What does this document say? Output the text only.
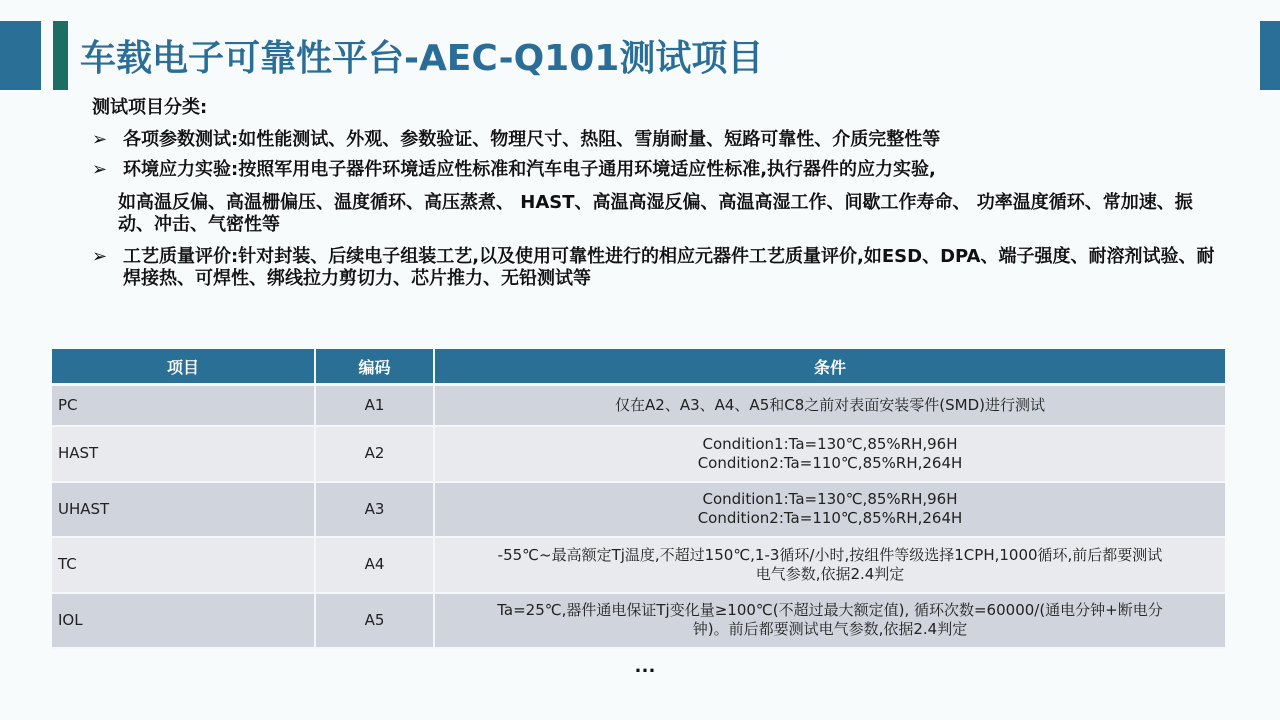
车载电子可靠性平台-AEC-Q101测试项目
测试项目分类:
➢ 各项参数测试:如性能测试、外观、参数验证、物理尺寸、热阻、雪崩耐量、短路可靠性、介质完整性等
➢ 环境应力实验:按照军用电子器件环境适应性标准和汽车电子通用环境适应性标准,执行器件的应力实验,
如高温反偏、高温栅偏压、温度循环、高压蒸煮、 HAST、高温高湿反偏、高温高湿工作、间歇工作寿命、 功率温度循环、常加速、振动、冲击、气密性等
➢ 工艺质量评价:针对封装、后续电子组装工艺,以及使用可靠性进行的相应元器件工艺质量评价,如ESD、DPA、端子强度、耐溶剂试验、耐焊接热、可焊性、绑线拉力剪切力、芯片推力、无铅测试等
项目	编码	条件
PC	A1	仅在A2、A3、A4、A5和C8之前对表面安装零件(SMD)进行测试

HAST	A2	Condition1:Ta=130℃,85%RH,96H
Condition2:Ta=110℃,85%RH,264H

UHAST	A3	Condition1:Ta=130℃,85%RH,96H
Condition2:Ta=110℃,85%RH,264H

TC	A4	-55℃~最高额定Tj温度,不超过150℃,1-3循环/小时,按组件等级选择1CPH,1000循环,前后都要测试
电气参数,依据2.4判定

IOL	A5	Ta=25℃,器件通电保证Tj变化量≥100℃(不超过最大额定值), 循环次数=60000/(通电分钟+断电分
钟)。前后都要测试电气参数,依据2.4判定
…
